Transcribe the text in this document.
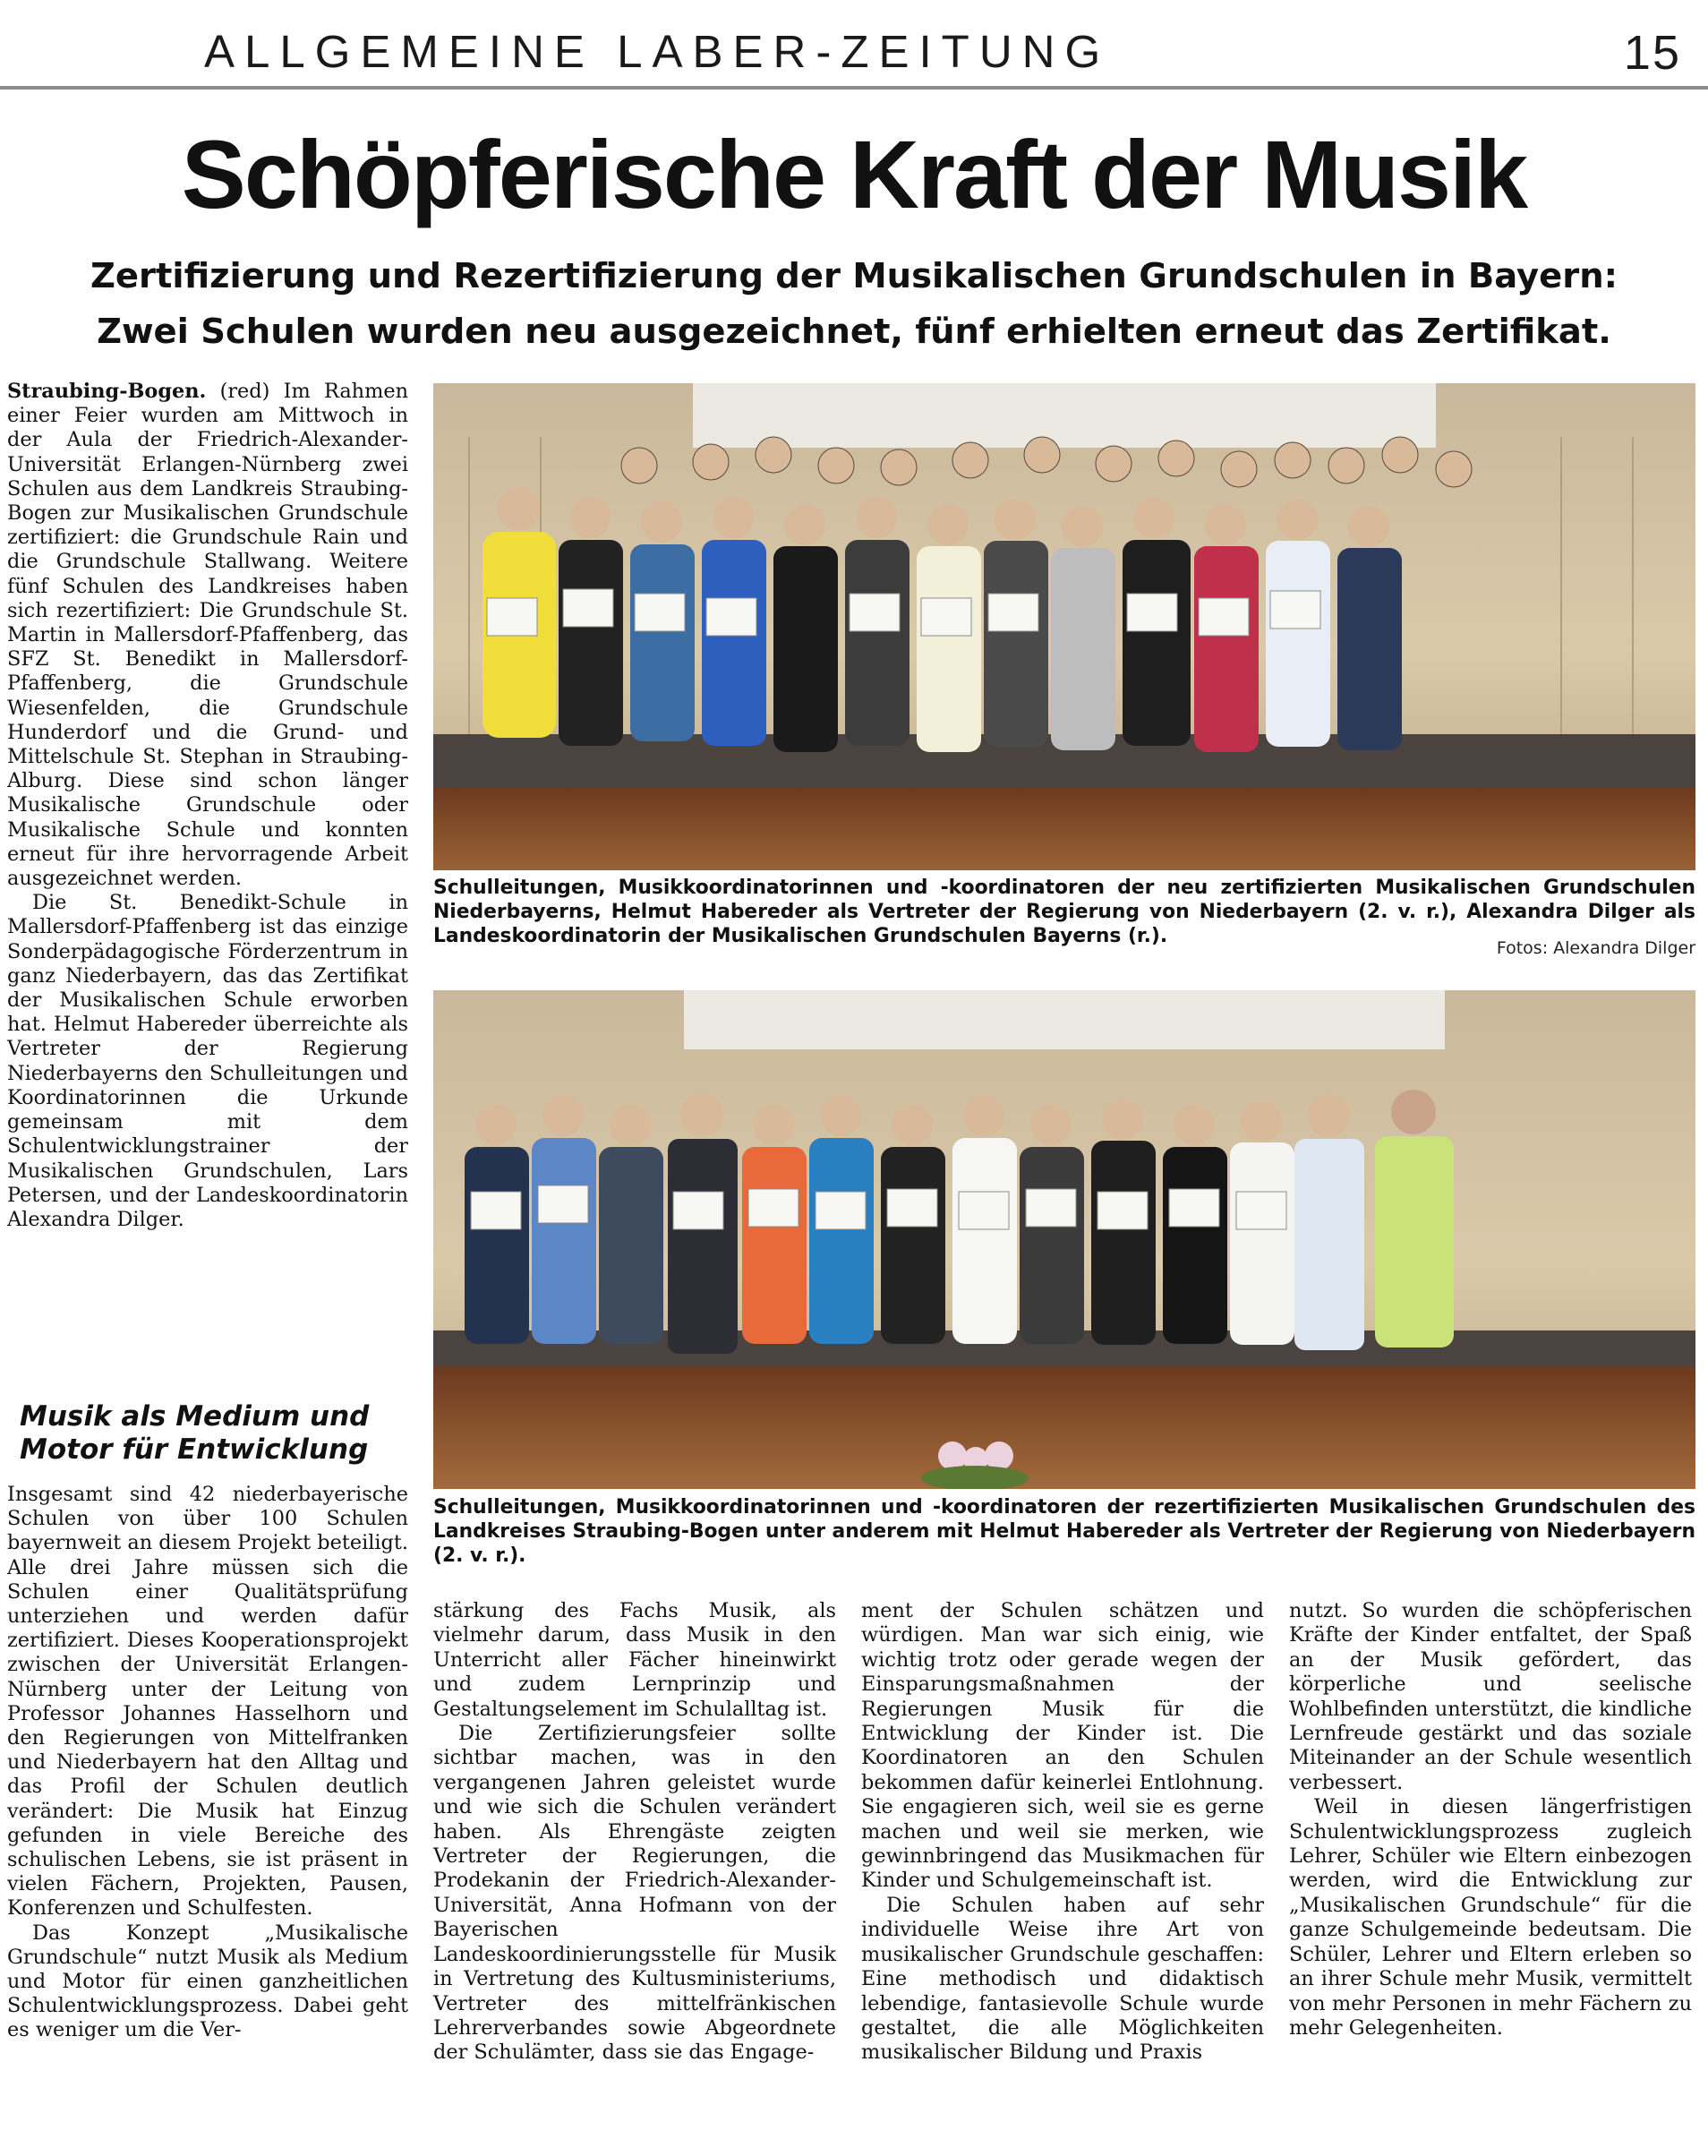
ALLGEMEINE LABER-ZEITUNG	15
Schöpferische Kraft der Musik
Zertifizierung und Rezertifizierung der Musikalischen Grundschulen in Bayern:
Zwei Schulen wurden neu ausgezeichnet, fünf erhielten erneut das Zertifikat.

Straubing-Bogen. (red) Im Rahmen einer Feier wurden am Mittwoch in der Aula der Friedrich-Alexander-Universität Erlangen-Nürnberg zwei Schulen aus dem Landkreis Straubing-Bogen zur Musikalischen Grundschule zertifiziert: die Grundschule Rain und die Grundschule Stallwang. Weitere fünf Schulen des Landkreises haben sich rezertifiziert: Die Grundschule St. Martin in Mallersdorf-Pfaffenberg, das SFZ St. Benedikt in Mallersdorf-Pfaffenberg, die Grundschule Wiesenfelden, die Grundschule Hunderdorf und die Grund- und Mittelschule St. Stephan in Straubing-Alburg. Diese sind schon länger Musikalische Grundschule oder Musikalische Schule und konnten erneut für ihre hervorragende Arbeit ausgezeichnet werden.

Die St. Benedikt-Schule in Mallersdorf-Pfaffenberg ist das einzige Sonderpädagogische Förderzentrum in ganz Niederbayern, das das Zertifikat der Musikalischen Schule erworben hat. Helmut Habereder überreichte als Vertreter der Regierung Niederbayerns den Schulleitungen und Koordinatorinnen die Urkunde gemeinsam mit dem Schulentwicklungstrainer der Musikalischen Grundschulen, Lars Petersen, und der Landeskoordinatorin Alexandra Dilger.

Musik als Medium und Motor für Entwicklung

Insgesamt sind 42 niederbayerische Schulen von über 100 Schulen bayernweit an diesem Projekt beteiligt. Alle drei Jahre müssen sich die Schulen einer Qualitätsprüfung unterziehen und werden dafür zertifiziert. Dieses Kooperationsprojekt zwischen der Universität Erlangen-Nürnberg unter der Leitung von Professor Johannes Hasselhorn und den Regierungen von Mittelfranken und Niederbayern hat den Alltag und das Profil der Schulen deutlich verändert: Die Musik hat Einzug gefunden in viele Bereiche des schulischen Lebens, sie ist präsent in vielen Fächern, Projekten, Pausen, Konferenzen und Schulfesten.

Das Konzept „Musikalische Grundschule“ nutzt Musik als Medium und Motor für einen ganzheitlichen Schulentwicklungsprozess. Dabei geht es weniger um die Ver-

Schulleitungen, Musikkoordinatorinnen und -koordinatoren der neu zertifizierten Musikalischen Grundschulen Niederbayerns, Helmut Habereder als Vertreter der Regierung von Niederbayern (2. v. r.), Alexandra Dilger als Landeskoordinatorin der Musikalischen Grundschulen Bayerns (r.).
Fotos: Alexandra Dilger
Schulleitungen, Musikkoordinatorinnen und -koordinatoren der rezertifizierten Musikalischen Grundschulen des Landkreises Straubing-Bogen unter anderem mit Helmut Habereder als Vertreter der Regierung von Niederbayern (2. v. r.).

stärkung des Fachs Musik, als vielmehr darum, dass Musik in den Unterricht aller Fächer hineinwirkt und zudem Lernprinzip und Gestaltungselement im Schulalltag ist.

Die Zertifizierungsfeier sollte sichtbar machen, was in den vergangenen Jahren geleistet wurde und wie sich die Schulen verändert haben. Als Ehrengäste zeigten Vertreter der Regierungen, die Prodekanin der Friedrich-Alexander-Universität, Anna Hofmann von der Bayerischen Landeskoordinierungsstelle für Musik in Vertretung des Kultusministeriums, Vertreter des mittelfränkischen Lehrerverbandes sowie Abgeordnete der Schulämter, dass sie das Engage-

ment der Schulen schätzen und würdigen. Man war sich einig, wie wichtig trotz oder gerade wegen der Einsparungsmaßnahmen der Regierungen Musik für die Entwicklung der Kinder ist. Die Koordinatoren an den Schulen bekommen dafür keinerlei Entlohnung. Sie engagieren sich, weil sie es gerne machen und weil sie merken, wie gewinnbringend das Musikmachen für Kinder und Schulgemeinschaft ist.

Die Schulen haben auf sehr individuelle Weise ihre Art von musikalischer Grundschule geschaffen: Eine methodisch und didaktisch lebendige, fantasievolle Schule wurde gestaltet, die alle Möglichkeiten musikalischer Bildung und Praxis

nutzt. So wurden die schöpferischen Kräfte der Kinder entfaltet, der Spaß an der Musik gefördert, das körperliche und seelische Wohlbefinden unterstützt, die kindliche Lernfreude gestärkt und das soziale Miteinander an der Schule wesentlich verbessert.

Weil in diesen längerfristigen Schulentwicklungsprozess zugleich Lehrer, Schüler wie Eltern einbezogen werden, wird die Entwicklung zur „Musikalischen Grundschule“ für die ganze Schulgemeinde bedeutsam. Die Schüler, Lehrer und Eltern erleben so an ihrer Schule mehr Musik, vermittelt von mehr Personen in mehr Fächern zu mehr Gelegenheiten.
